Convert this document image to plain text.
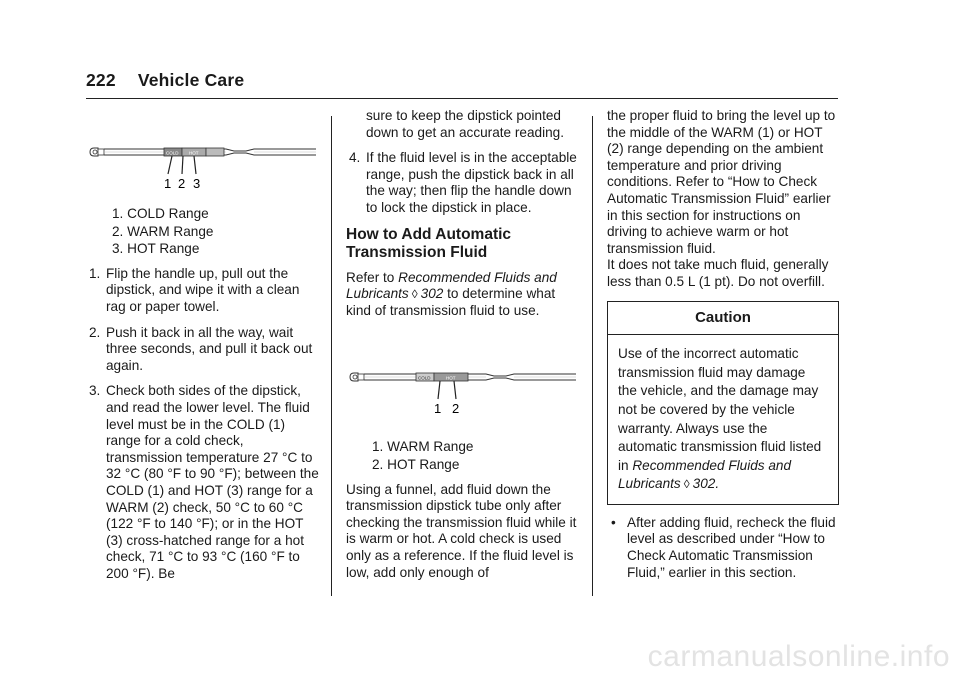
222 Vehicle Care
COLD HOT
1 2 3
1. COLD Range
2. WARM Range
3. HOT Range
1. Flip the handle up, pull out the dipstick, and wipe it with a clean rag or paper towel.
2. Push it back in all the way, wait three seconds, and pull it back out again.
3. Check both sides of the dipstick, and read the lower level. The fluid level must be in the COLD (1) range for a cold check, transmission temperature 27 °C to 32 °C (80 °F to 90 °F); between the COLD (1) and HOT (3) range for a WARM (2) check, 50 °C to 60 °C (122 °F to 140 °F); or in the HOT (3) cross-hatched range for a hot check, 71 °C to 93 °C (160 °F to 200 °F). Be
sure to keep the dipstick pointed down to get an accurate reading.
4. If the fluid level is in the acceptable range, push the dipstick back in all the way; then flip the handle down to lock the dipstick in place.
How to Add Automatic Transmission Fluid

Refer to Recommended Fluids and Lubricants ◊ 302 to determine what kind of transmission fluid to use.

COLD	HOT
1 2
1. WARM Range
2. HOT Range

Using a funnel, add fluid down the transmission dipstick tube only after checking the transmission fluid while it is warm or hot. A cold check is used only as a reference. If the fluid level is low, add only enough of

the proper fluid to bring the level up to the middle of the WARM (1) or HOT (2) range depending on the ambient temperature and prior driving conditions. Refer to “How to Check Automatic Transmission Fluid” earlier in this section for instructions on driving to achieve warm or hot transmission fluid.

It does not take much fluid, generally less than 0.5 L (1 pt). Do not overfill.

Caution
Use of the incorrect automatic transmission fluid may damage the vehicle, and the damage may not be covered by the vehicle warranty. Always use the automatic transmission fluid listed in Recommended Fluids and Lubricants ◊ 302.
• After adding fluid, recheck the fluid level as described under “How to Check Automatic Transmission Fluid,” earlier in this section.
carmanualsonline.info
